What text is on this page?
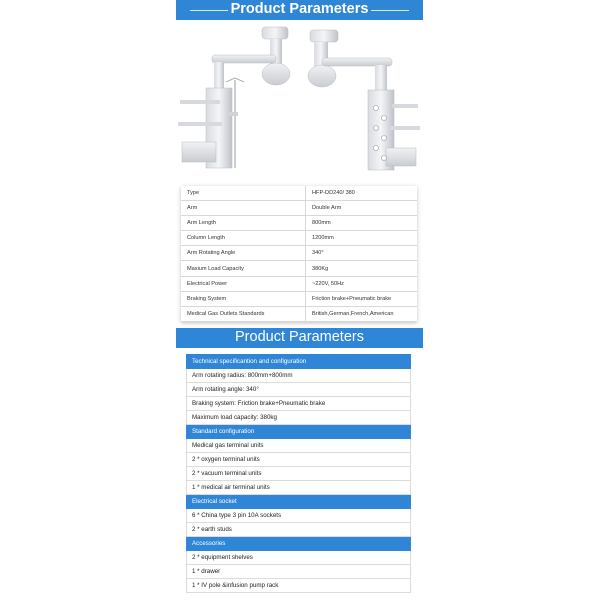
Product Parameters
Type	HFP-DD240/ 380
Arm	Double Arm
Arm Length	800mm
Column Length	1200mm
Arm Rotating Angle	340°
Maxium Load Capacity	380Kg
Electrical Power	~220V, 50Hz
Braking System	Friction brake+Pneumatic brake
Medical Gas Outlets Standards	British,German,French,American
Product Parameters
Technical specificantion and configuration
Arm rotating radius: 800mm+800mm
Arm rotating angle: 340°
Braking system: Friction brake+Pneumatic brake
Maximum load capacity: 380kg
Standard configuration
Medical gas terminal units
2 * oxygen terminal units
2 * vacuum terminal units
1 * medical air terminal units
Electrical socket
6 * China type 3 pin 10A sockets
2 * earth studs
Accessories
2 * equipment shelves
1 * drawer
1 * IV pole &infusion pump rack
